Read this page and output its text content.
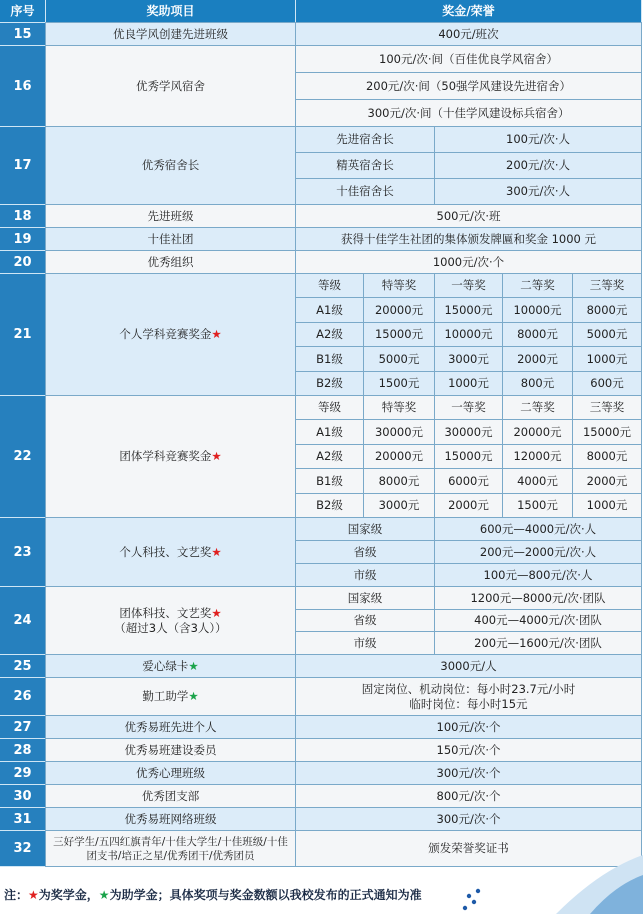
序号	奖助项目	奖金/荣誉
15	优良学风创建先进班级	400元/班次
16	优秀学风宿舍
100元/次·间（百佳优良学风宿舍）
200元/次·间（50强学风建设先进宿舍）
300元/次·间（十佳学风建设标兵宿舍）
17	优秀宿舍长
先进宿舍长	100元/次·人
精英宿舍长	200元/次·人
十佳宿舍长	300元/次·人
18	先进班级	500元/次·班
19	十佳社团	获得十佳学生社团的集体颁发牌匾和奖金 1000 元
20	优秀组织	1000元/次·个
21	个人学科竞赛奖金 ★
等级	特等奖	一等奖	二等奖	三等奖
A1级	20000元	15000元	10000元	8000元
A2级	15000元	10000元	8000元	5000元
B1级	5000元	3000元	2000元	1000元
B2级	1500元	1000元	800元	600元
22	团体学科竞赛奖金 ★
等级	特等奖	一等奖	二等奖	三等奖
A1级	30000元	30000元	20000元	15000元
A2级	20000元	15000元	12000元	8000元
B1级	8000元	6000元	4000元	2000元
B2级	3000元	2000元	1500元	1000元
23	个人科技、文艺奖 ★
国家级	600元—4000元/次·人
省级	200元—2000元/次·人
市级	100元—800元/次·人
24
团体科技、文艺奖★
（超过3人（含3人））
国家级	1200元—8000元/次·团队
省级	400元—4000元/次·团队
市级	200元—1600元/次·团队
25	爱心绿卡 ★	3000元/人
26	勤工助学 ★
固定岗位、机动岗位：每小时23.7元/小时
临时岗位：每小时15元
27	优秀易班先进个人	100元/次·个
28	优秀易班建设委员	150元/次·个
29	优秀心理班级	300元/次·个
30	优秀团支部	800元/次·个
31	优秀易班网络班级	300元/次·个
32	三好学生/五四红旗青年/十佳大学生/十佳班级/十佳团支书/培正之星/优秀团干/优秀团员
颁发荣誉奖证书
注：★为奖学金，★为助学金；具体奖项与奖金数额以我校发布的正式通知为准
